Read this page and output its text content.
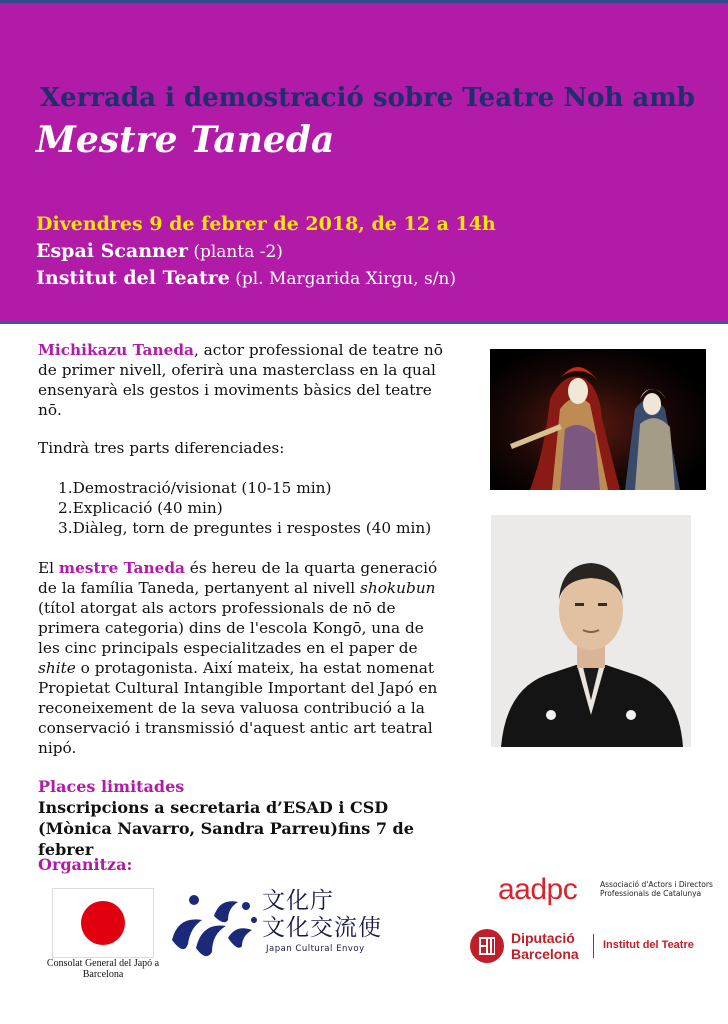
Xerrada i demostració sobre Teatre Noh amb
Mestre Taneda
Divendres 9 de febrer de 2018, de 12 a 14h
Espai Scanner (planta -2)
Institut del Teatre (pl. Margarida Xirgu, s/n)
Michikazu Taneda, actor professional de teatre nō de primer nivell, oferirà una masterclass en la qual ensenyarà els gestos i moviments bàsics del teatre nō.
Tindrà tres parts diferenciades:
1.Demostració/visionat (10-15 min)
2.Explicació (40 min)
3.Diàleg, torn de preguntes i respostes (40 min)
El mestre Taneda és hereu de la quarta generació de la família Taneda, pertanyent al nivell shokubun (títol atorgat als actors professionals de nō de primera categoria) dins de l'escola Kongō, una de les cinc principals especialitzades en el paper de shite o protagonista. Així mateix, ha estat nomenat Propietat Cultural Intangible Important del Japó en reconeixement de la seva valuosa contribució a la conservació i transmissió d'aquest antic art teatral nipó.
Places limitades
Inscripcions a secretaria d’ESAD i CSD (Mònica Navarro, Sandra Parreu)fins 7 de febrer
Organitza:
Consolat General del Japó a Barcelona
文化庁
文化交流使
Japan Cultural Envoy
aadpc	Associació d'Actors i Directors Professionals de Catalunya
Diputació
Barcelona
Institut del Teatre
